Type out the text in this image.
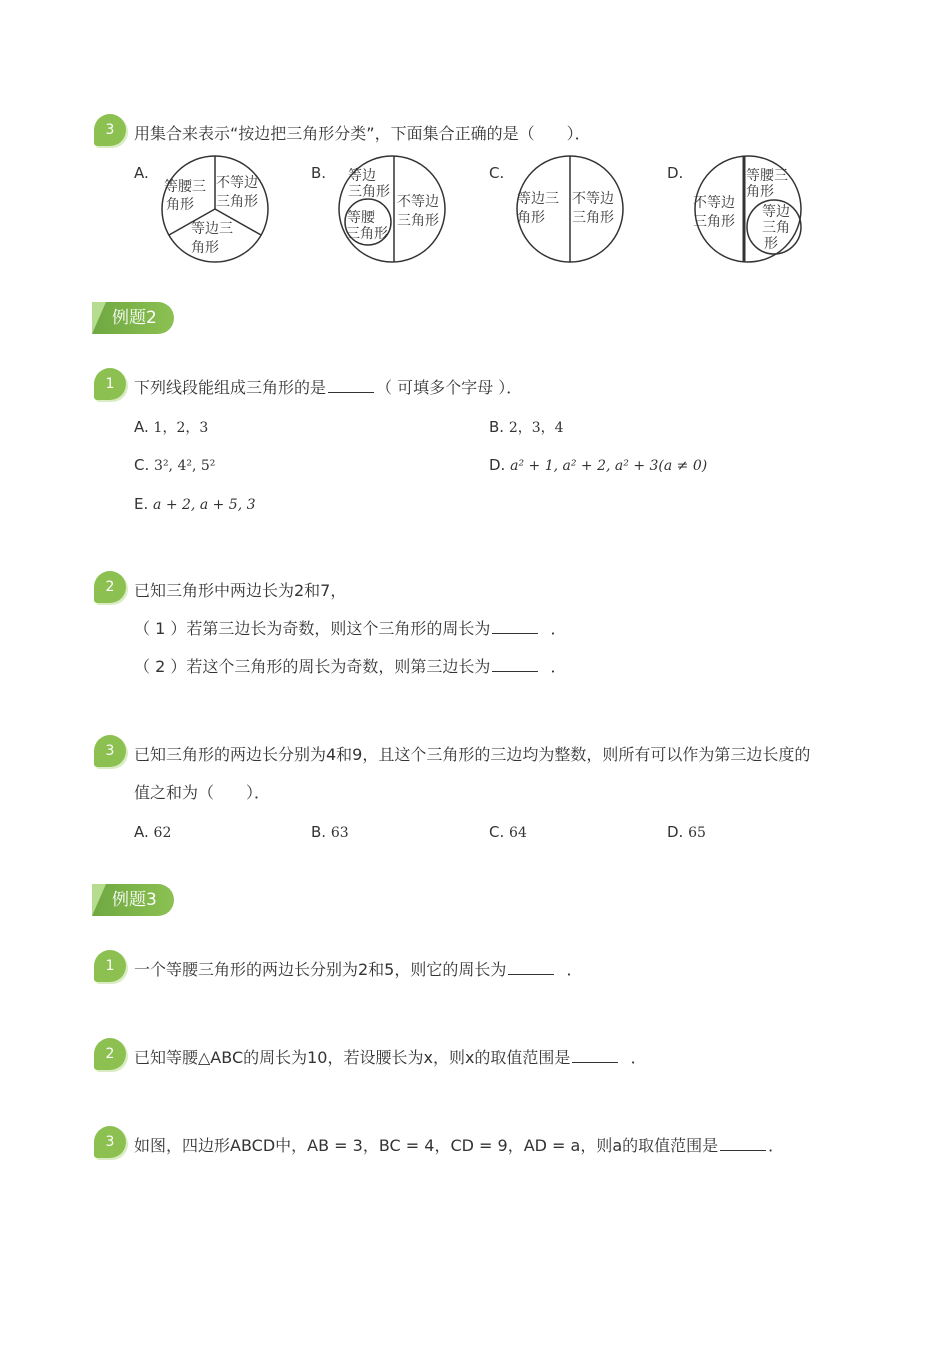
3 用集合来表示“按边把三角形分类”，下面集合正确的是（　　）．
A.
等腰三
角形
不等边
三角形
等边三
角形
B. 等边
三角形
等腰
三角形
不等边
三角形
C.
等边三
角形
不等边
三角形
D.
不等边
三角形
等腰三
角形
等边
三角
形
例题2
1 下列线段能组成三角形的是	（ 可填多个字母 ）．
A. 1，2，3	B. 2，3，4
C. 3², 4², 5²	D. a² + 1, a² + 2, a² + 3(a ≠ 0)
E. a + 2, a + 5, 3
2 已知三角形中两边长为2和7，
（ 1 ）若第三边长为奇数，则这个三角形的周长为	．
（ 2 ）若这个三角形的周长为奇数，则第三边长为	．
3 已知三角形的两边长分别为4和9，且这个三角形的三边均为整数，则所有可以作为第三边长度的
值之和为（　　）．
A. 62	B. 63	C. 64	D. 65
例题3
1 一个等腰三角形的两边长分别为2和5，则它的周长为	．
2 已知等腰△ABC的周长为10，若设腰长为x，则x的取值范围是	．
3 如图，四边形ABCD中，AB = 3，BC = 4，CD = 9，AD = a，则a的取值范围是	．
